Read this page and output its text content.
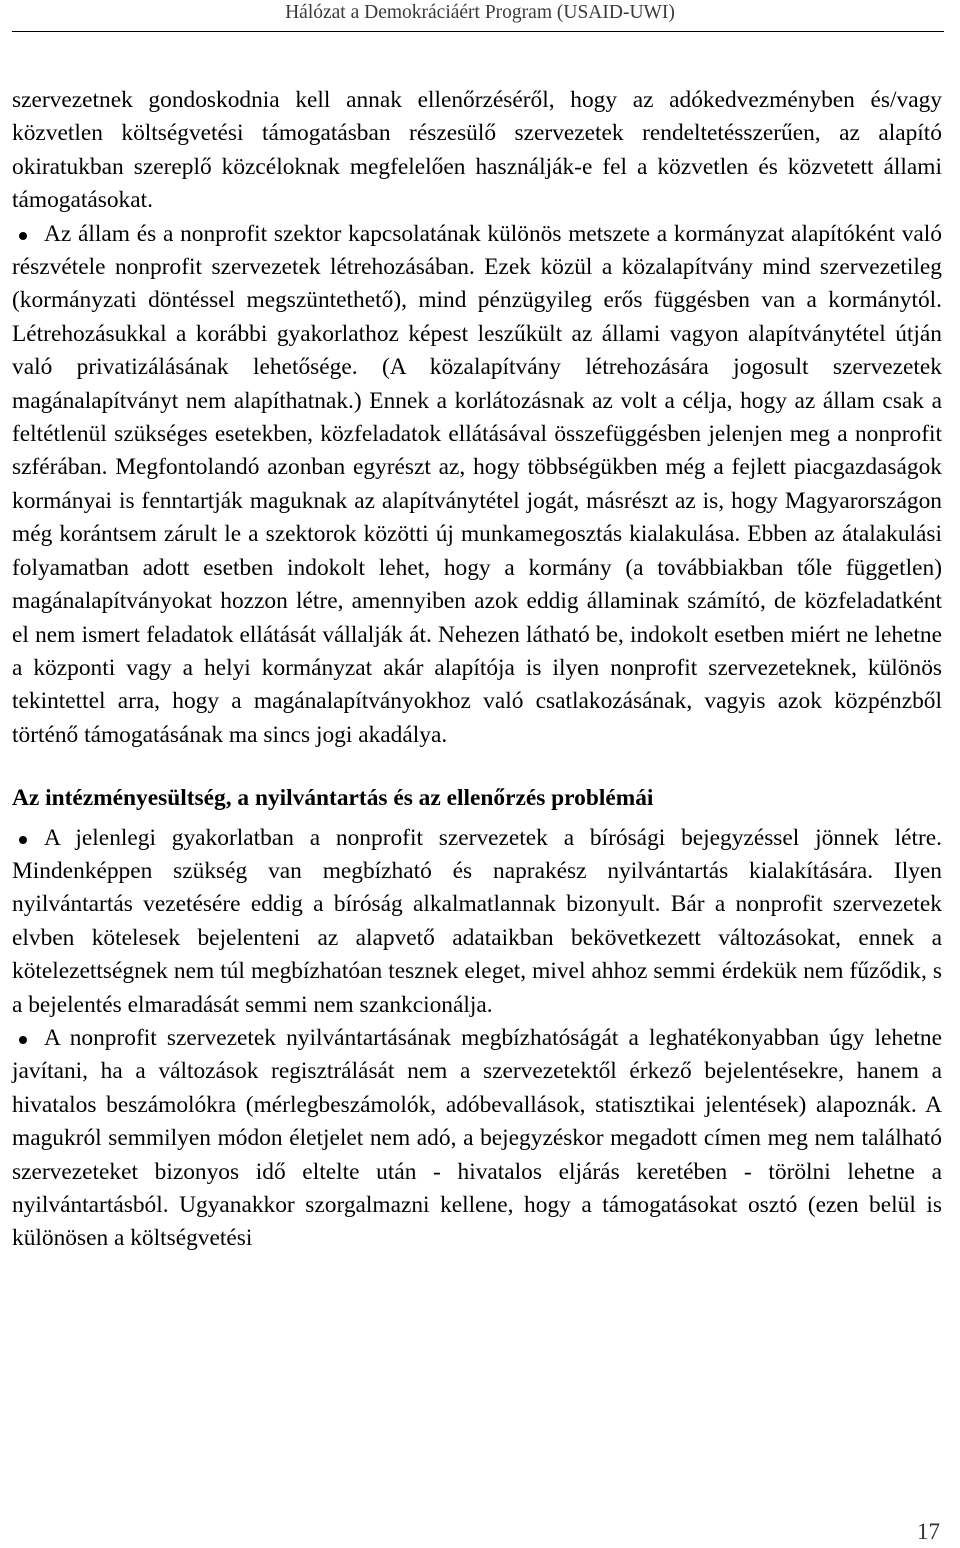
Hálózat a Demokráciáért Program (USAID-UWI)

szervezetnek gondoskodnia kell annak ellenőrzéséről, hogy az adókedvezményben és/vagy közvetlen költségvetési támogatásban részesülő szervezetek rendeltetésszerűen, az alapító okiratukban szereplő közcéloknak megfelelően használják-e fel a közvetlen és közvetett állami támogatásokat.

Az állam és a nonprofit szektor kapcsolatának különös metszete a kormányzat alapítóként való részvétele nonprofit szervezetek létrehozásában. Ezek közül a közalapítvány mind szervezetileg (kormányzati döntéssel megszüntethető), mind pénzügyileg erős függésben van a kormánytól. Létrehozásukkal a korábbi gyakorlathoz képest leszűkült az állami vagyon alapítványtétel útján való privatizálásának lehetősége. (A közalapítvány létrehozására jogosult szervezetek magánalapítványt nem alapíthatnak.) Ennek a korlátozásnak az volt a célja, hogy az állam csak a feltétlenül szükséges esetekben, közfeladatok ellátásával összefüggésben jelenjen meg a nonprofit szférában. Megfontolandó azonban egyrészt az, hogy többségükben még a fejlett piacgazdaságok kormányai is fenntartják maguknak az alapítványtétel jogát, másrészt az is, hogy Magyarországon még korántsem zárult le a szektorok közötti új munkamegosztás kialakulása. Ebben az átalakulási folyamatban adott esetben indokolt lehet, hogy a kormány (a továbbiakban tőle független) magánalapítványokat hozzon létre, amennyiben azok eddig államinak számító, de közfeladatként el nem ismert feladatok ellátását vállalják át. Nehezen látható be, indokolt esetben miért ne lehetne a központi vagy a helyi kormányzat akár alapítója is ilyen nonprofit szervezeteknek, különös tekintettel arra, hogy a magánalapítványokhoz való csatlakozásának, vagyis azok közpénzből történő támogatásának ma sincs jogi akadálya.
Az intézményesültség, a nyilvántartás és az ellenőrzés problémái
A jelenlegi gyakorlatban a nonprofit szervezetek a bírósági bejegyzéssel jönnek létre. Mindenképpen szükség van megbízható és naprakész nyilvántartás kialakítására. Ilyen nyilvántartás vezetésére eddig a bíróság alkalmatlannak bizonyult. Bár a nonprofit szervezetek elvben kötelesek bejelenteni az alapvető adataikban bekövetkezett változásokat, ennek a kötelezettségnek nem túl megbízhatóan tesznek eleget, mivel ahhoz semmi érdekük nem fűződik, s a bejelentés elmaradását semmi nem szankcionálja.
A nonprofit szervezetek nyilvántartásának megbízhatóságát a leghatékonyabban úgy lehetne javítani, ha a változások regisztrálását nem a szervezetektől érkező bejelentésekre, hanem a hivatalos beszámolókra (mérlegbeszámolók, adóbevallások, statisztikai jelentések) alapoznák. A magukról semmilyen módon életjelet nem adó, a bejegyzéskor megadott címen meg nem található szervezeteket bizonyos idő eltelte után - hivatalos eljárás keretében - törölni lehetne a nyilvántartásból. Ugyanakkor szorgalmazni kellene, hogy a támogatásokat osztó (ezen belül is különösen a költségvetési
17
